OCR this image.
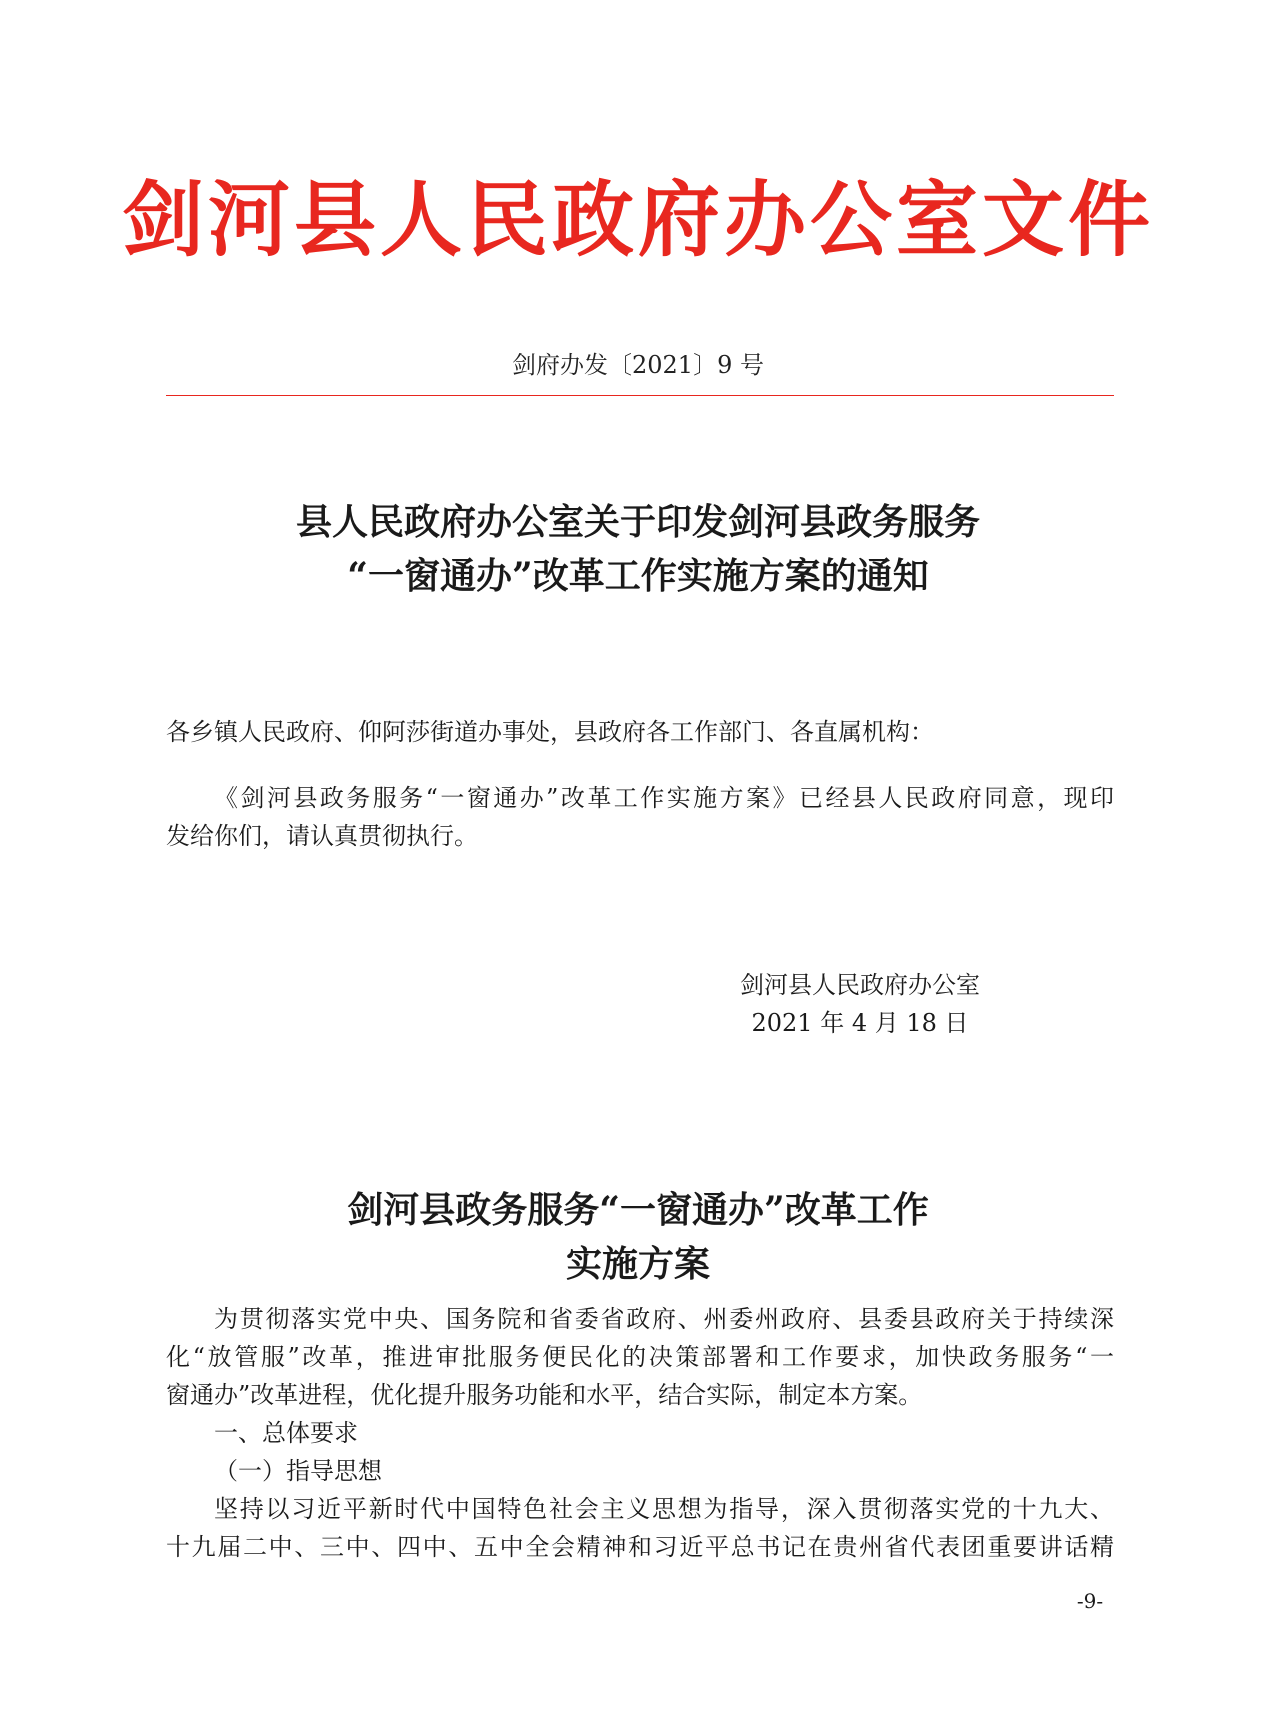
剑河县人民政府办公室文件
剑府办发〔2021〕9 号
县人民政府办公室关于印发剑河县政务服务
“一窗通办”改革工作实施方案的通知
各乡镇人民政府、仰阿莎街道办事处，县政府各工作部门、各直属机构：
《剑河县政务服务“一窗通办”改革工作实施方案》已经县人民政府同意，现印
发给你们，请认真贯彻执行。
剑河县人民政府办公室
2021 年 4 月 18 日
剑河县政务服务“一窗通办”改革工作
实施方案
为贯彻落实党中央、国务院和省委省政府、州委州政府、县委县政府关于持续深
化“放管服”改革，推进审批服务便民化的决策部署和工作要求，加快政务服务“一
窗通办”改革进程，优化提升服务功能和水平，结合实际，制定本方案。
一、总体要求
（一）指导思想
坚持以习近平新时代中国特色社会主义思想为指导，深入贯彻落实党的十九大、
十九届二中、三中、四中、五中全会精神和习近平总书记在贵州省代表团重要讲话精
-9-
